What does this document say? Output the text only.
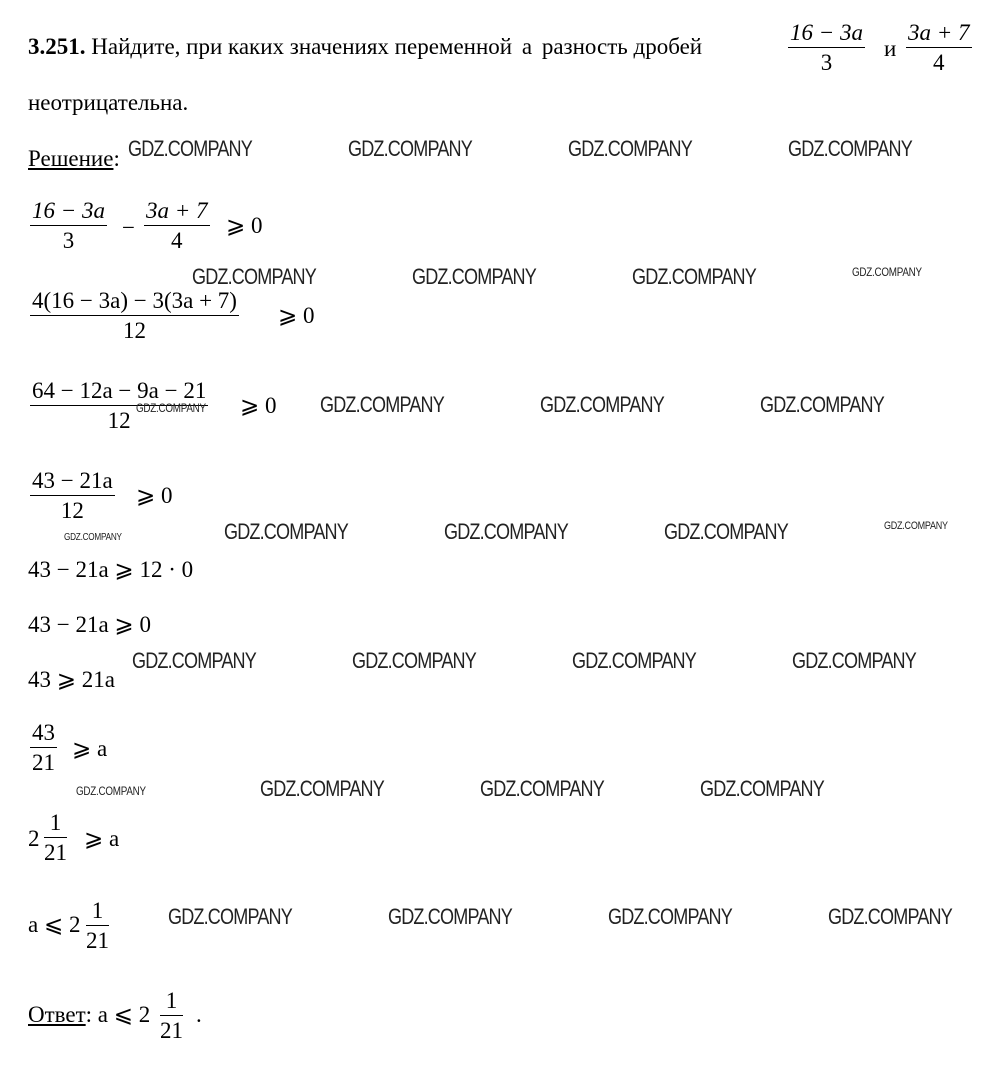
3.251. Найдите, при каких значениях переменной a разность дробей
16 − 3a
3
и
3a + 7
4
неотрицательна.
Решение:
16 − 3a
3
−
3a + 7
4
⩾ 0
4(16 − 3a) − 3(3a + 7)
12
⩾ 0
64 − 12a − 9a − 21
12
⩾ 0
43 − 21a
12
⩾ 0
43 − 21a ⩾ 12 · 0
43 − 21a ⩾ 0
43 ⩾ 21a
43
21
⩾ a
2
1
21
⩾ a
a ⩽ 2
1
21
Ответ: a ⩽ 2
1
21
.
GDZ.COMPANY	GDZ.COMPANY	GDZ.COMPANY	GDZ.COMPANY
GDZ.COMPANY	GDZ.COMPANY	GDZ.COMPANY	GDZ.COMPANY
GDZ.COMPANY	GDZ.COMPANY	GDZ.COMPANY	GDZ.COMPANY
GDZ.COMPANY	GDZ.COMPANY	GDZ.COMPANY	GDZ.COMPANY	GDZ.COMPANY
GDZ.COMPANY	GDZ.COMPANY	GDZ.COMPANY	GDZ.COMPANY
GDZ.COMPANY	GDZ.COMPANY	GDZ.COMPANY	GDZ.COMPANY
GDZ.COMPANY	GDZ.COMPANY	GDZ.COMPANY	GDZ.COMPANY
